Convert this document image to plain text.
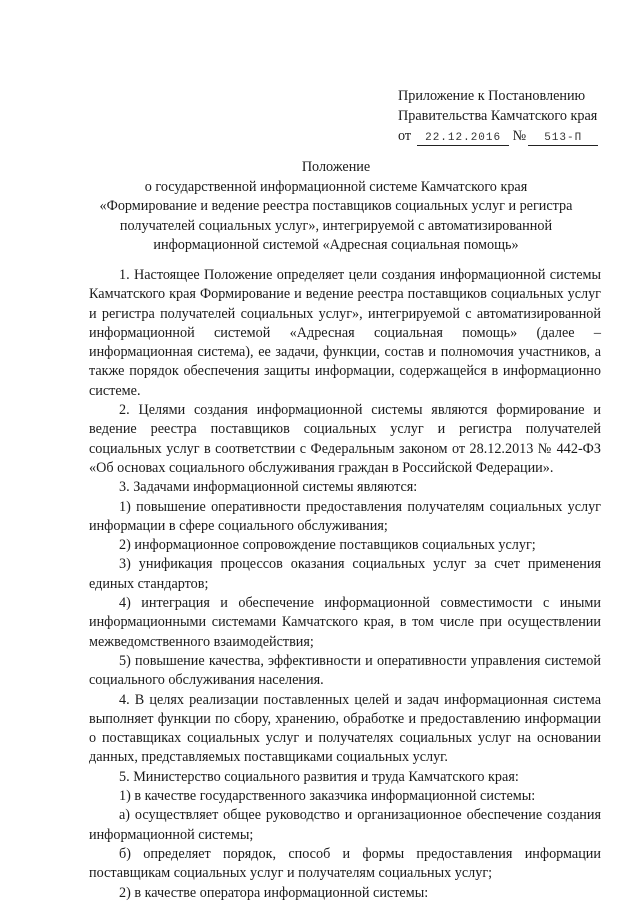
Приложение к Постановлению
Правительства Камчатского края
от 22.12.2016 № 513-П
Положение
о государственной информационной системе Камчатского края
«Формирование и ведение реестра поставщиков социальных услуг и регистра
получателей социальных услуг», интегрируемой с автоматизированной
информационной системой «Адресная социальная помощь»

1. Настоящее Положение определяет цели создания информационной системы Камчатского края Формирование и ведение реестра поставщиков социальных услуг и регистра получателей социальных услуг», интегрируемой с автоматизированной информационной системой «Адресная социальная помощь» (далее – информационная система), ее задачи, функции, состав и полномочия участников, а также порядок обеспечения защиты информации, содержащейся в информационно системе.

2. Целями создания информационной системы являются формирование и ведение реестра поставщиков социальных услуг и регистра получателей социальных услуг в соответствии с Федеральным законом от 28.12.2013 № 442-ФЗ «Об основах социального обслуживания граждан в Российской Федерации».

3. Задачами информационной системы являются:

1) повышение оперативности предоставления получателям социальных услуг информации в сфере социального обслуживания;

2) информационное сопровождение поставщиков социальных услуг;

3) унификация процессов оказания социальных услуг за счет применения единых стандартов;

4) интеграция и обеспечение информационной совместимости с иными информационными системами Камчатского края, в том числе при осуществлении межведомственного взаимодействия;

5) повышение качества, эффективности и оперативности управления системой социального обслуживания населения.

4. В целях реализации поставленных целей и задач информационная система выполняет функции по сбору, хранению, обработке и предоставлению информации о поставщиках социальных услуг и получателях социальных услуг на основании данных, представляемых поставщиками социальных услуг.

5. Министерство социального развития и труда Камчатского края:

1) в качестве государственного заказчика информационной системы:

а) осуществляет общее руководство и организационное обеспечение создания информационной системы;

б) определяет порядок, способ и формы предоставления информации поставщикам социальных услуг и получателям социальных услуг;

2) в качестве оператора информационной системы:
